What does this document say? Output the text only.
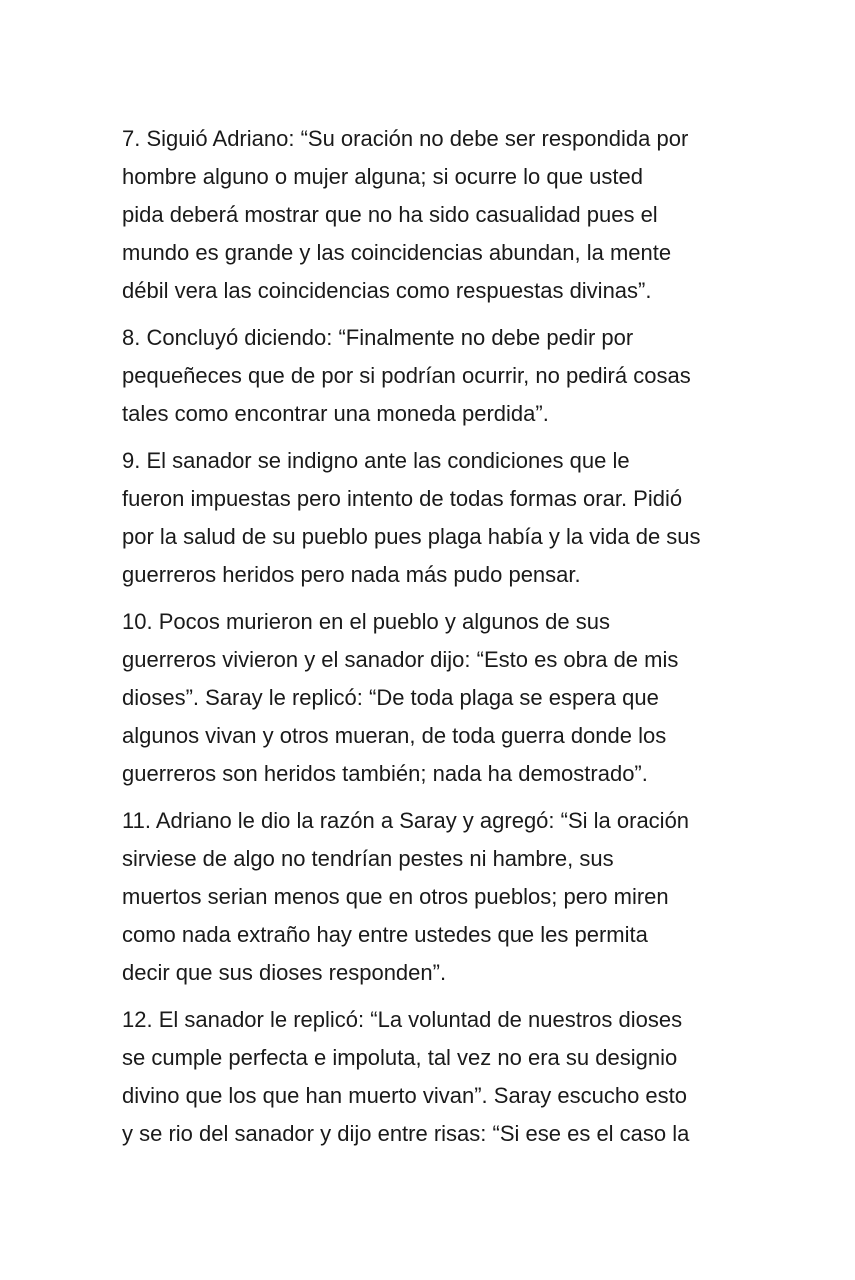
7. Siguió Adriano: “Su oración no debe ser respondida por
hombre alguno o mujer alguna; si ocurre lo que usted
pida deberá mostrar que no ha sido casualidad pues el
mundo es grande y las coincidencias abundan, la mente
débil vera las coincidencias como respuestas divinas”.

8. Concluyó diciendo: “Finalmente no debe pedir por
pequeñeces que de por si podrían ocurrir, no pedirá cosas
tales como encontrar una moneda perdida”.

9. El sanador se indigno ante las condiciones que le
fueron impuestas pero intento de todas formas orar. Pidió
por la salud de su pueblo pues plaga había y la vida de sus
guerreros heridos pero nada más pudo pensar.

10. Pocos murieron en el pueblo y algunos de sus
guerreros vivieron y el sanador dijo: “Esto es obra de mis
dioses”. Saray le replicó: “De toda plaga se espera que
algunos vivan y otros mueran, de toda guerra donde los
guerreros son heridos también; nada ha demostrado”.

11. Adriano le dio la razón a Saray y agregó: “Si la oración
sirviese de algo no tendrían pestes ni hambre, sus
muertos serian menos que en otros pueblos; pero miren
como nada extraño hay entre ustedes que les permita
decir que sus dioses responden”.

12. El sanador le replicó: “La voluntad de nuestros dioses
se cumple perfecta e impoluta, tal vez no era su designio
divino que los que han muerto vivan”. Saray escucho esto
y se rio del sanador y dijo entre risas: “Si ese es el caso la
